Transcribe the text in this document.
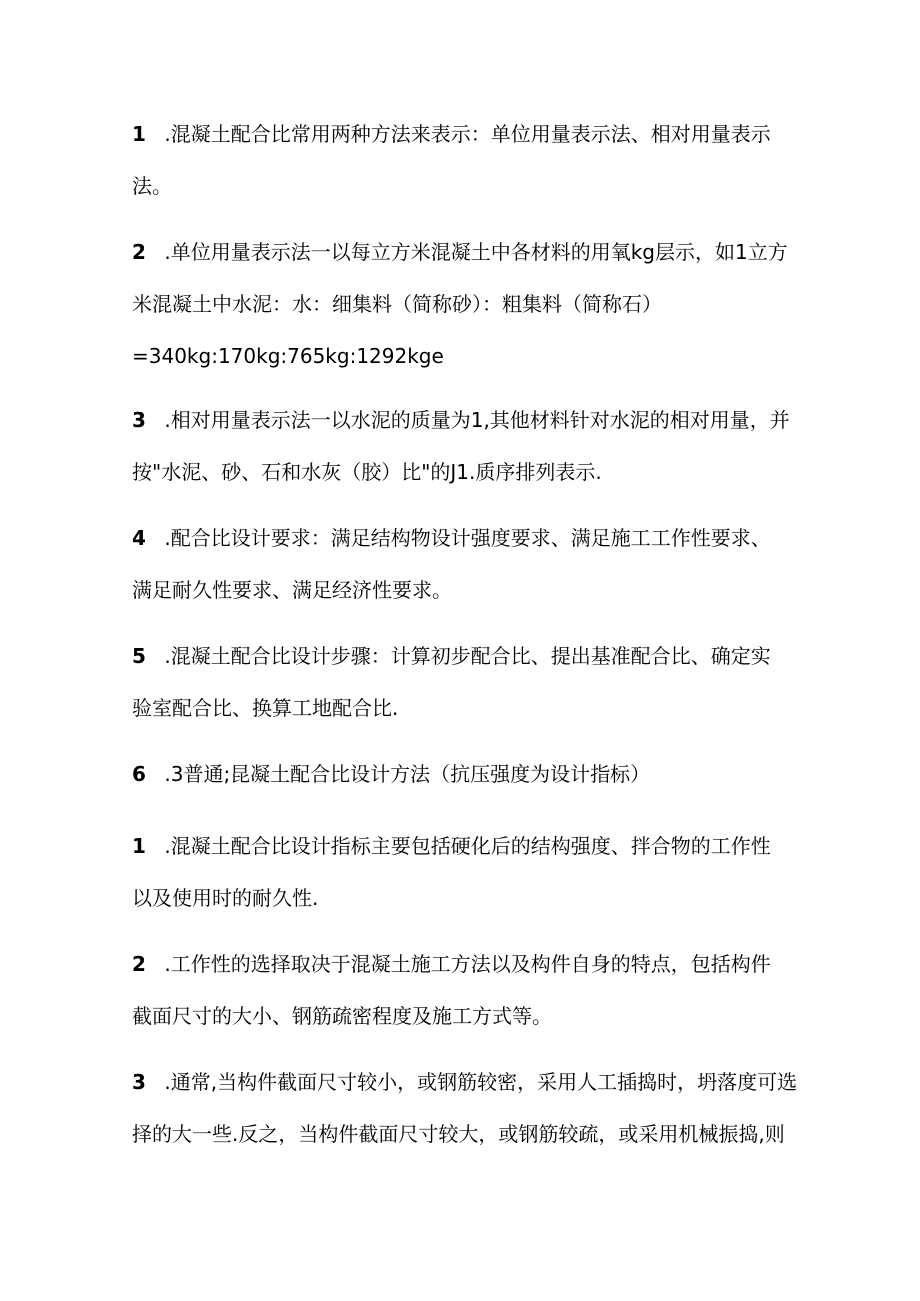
1 .混凝土配合比常用两种方法来表示：单位用量表示法、相对用量表示
法。
2 .单位用量表示法一以每立方米混凝土中各材料的用氧kg层示，如1立方
米混凝土中水泥：水：细集料（简称砂）：粗集料（简称石）
=340kg:170kg:765kg:1292kge
3 .相对用量表示法一以水泥的质量为1,其他材料针对水泥的相对用量，并
按"水泥、砂、石和水灰（胶）比"的J1.质序排列表示.
4 .配合比设计要求：满足结构物设计强度要求、满足施工工作性要求、
满足耐久性要求、满足经济性要求。
5 .混凝土配合比设计步骤：计算初步配合比、提出基准配合比、确定实
验室配合比、换算工地配合比.
6 .3普通;昆凝土配合比设计方法（抗压强度为设计指标）
1 .混凝土配合比设计指标主要包括硬化后的结构强度、拌合物的工作性
以及使用时的耐久性.
2 .工作性的选择取决于混凝土施工方法以及构件自身的特点，包括构件
截面尺寸的大小、钢筋疏密程度及施工方式等。
3 .通常,当构件截面尺寸较小，或钢筋较密，采用人工插捣时，坍落度可选
择的大一些.反之，当构件截面尺寸较大，或钢筋较疏，或采用机械振捣,则
